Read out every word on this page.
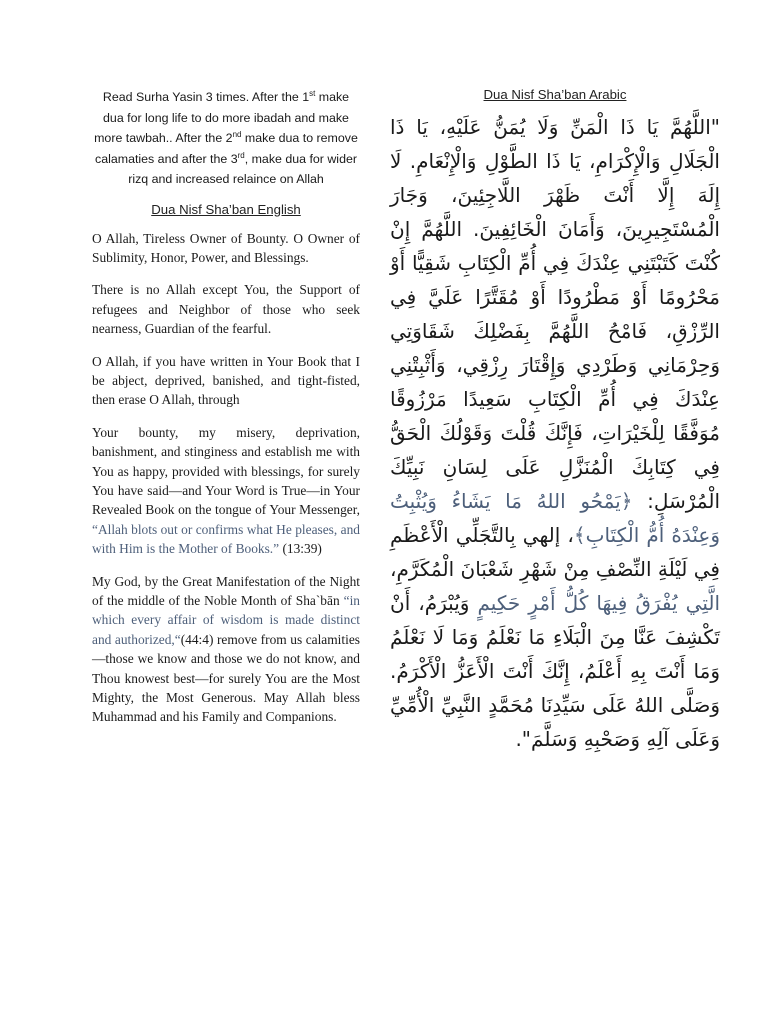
Read Surha Yasin 3 times. After the 1st make dua for long life to do more ibadah and make more tawbah.. After the 2nd make dua to remove calamaties and after the 3rd, make dua for wider rizq and increased relaince on Allah

Dua Nisf Sha’ban English

O Allah, Tireless Owner of Bounty. O Owner of Sublimity, Honor, Power, and Blessings.

There is no Allah except You, the Support of refugees and Neighbor of those who seek nearness, Guardian of the fearful.

O Allah, if you have written in Your Book that I be abject, deprived, banished, and tight-fisted, then erase O Allah, through

Your bounty, my misery, deprivation, banishment, and stinginess and establish me with You as happy, provided with blessings, for surely You have said—and Your Word is True—in Your Revealed Book on the tongue of Your Messenger, “Allah blots out or confirms what He pleases, and with Him is the Mother of Books.” (13:39)

My God, by the Great Manifestation of the Night of the middle of the Noble Month of Sha`bān “in which every affair of wisdom is made distinct and authorized,“(44:4) remove from us calamities—those we know and those we do not know, and Thou knowest best—for surely You are the Most Mighty, the Most Generous. May Allah bless Muhammad and his Family and Companions.

Dua Nisf Sha’ban Arabic

"اللَّهُمَّ يَا ذَا الْمَنِّ وَلَا يُمَنُّ عَلَيْهِ، يَا ذَا الْجَلَالِ وَالْإِكْرَامِ، يَا ذَا الطَّوْلِ وَالْإِنْعَامِ. لَا إِلَهَ إِلَّا أَنْتَ ظَهْرَ اللَّاجِئِينَ، وَجَارَ الْمُسْتَجِيرِينَ، وَأَمَانَ الْخَائِفِينَ. اللَّهُمَّ إِنْ كُنْتَ كَتَبْتَنِي عِنْدَكَ فِي أُمِّ الْكِتَابِ شَقِيًّا أَوْ مَحْرُومًا أَوْ مَطْرُودًا أَوْ مُقَتَّرًا عَلَيَّ فِي الرِّزْقِ، فَامْحُ اللَّهُمَّ بِفَضْلِكَ شَقَاوَتِي وَحِرْمَانِي وَطَرْدِي وَإِقْتَارَ رِزْقِي، وَأَثْبِتْنِي عِنْدَكَ فِي أُمِّ الْكِتَابِ سَعِيدًا مَرْزُوقًا مُوَفَّقًا لِلْخَيْرَاتِ، فَإِنَّكَ قُلْتَ وَقَوْلُكَ الْحَقُّ فِي كِتَابِكَ الْمُنَزَّلِ عَلَى لِسَانِ نَبِيِّكَ الْمُرْسَلِ: ﴿يَمْحُو اللهُ مَا يَشَاءُ وَيُثْبِتُ وَعِنْدَهُ أُمُّ الْكِتَابِ﴾، إلهي بِالتَّجَلِّي الْأَعْظَمِ فِي لَيْلَةِ النِّصْفِ مِنْ شَهْرِ شَعْبَانَ الْمُكَرَّمِ، الَّتِي يُفْرَقُ فِيهَا كُلُّ أَمْرٍ حَكِيمٍ وَيُبْرَمُ، أَنْ تَكْشِفَ عَنَّا مِنَ الْبَلَاءِ مَا نَعْلَمُ وَمَا لَا نَعْلَمُ وَمَا أَنْتَ بِهِ أَعْلَمُ، إِنَّكَ أَنْتَ الْأَعَزُّ الْأَكْرَمُ. وَصَلَّى اللهُ عَلَى سَيِّدِنَا مُحَمَّدٍ النَّبِيِّ الْأُمِّيِّ وَعَلَى آلِهِ وَصَحْبِهِ وَسَلَّمَ".
